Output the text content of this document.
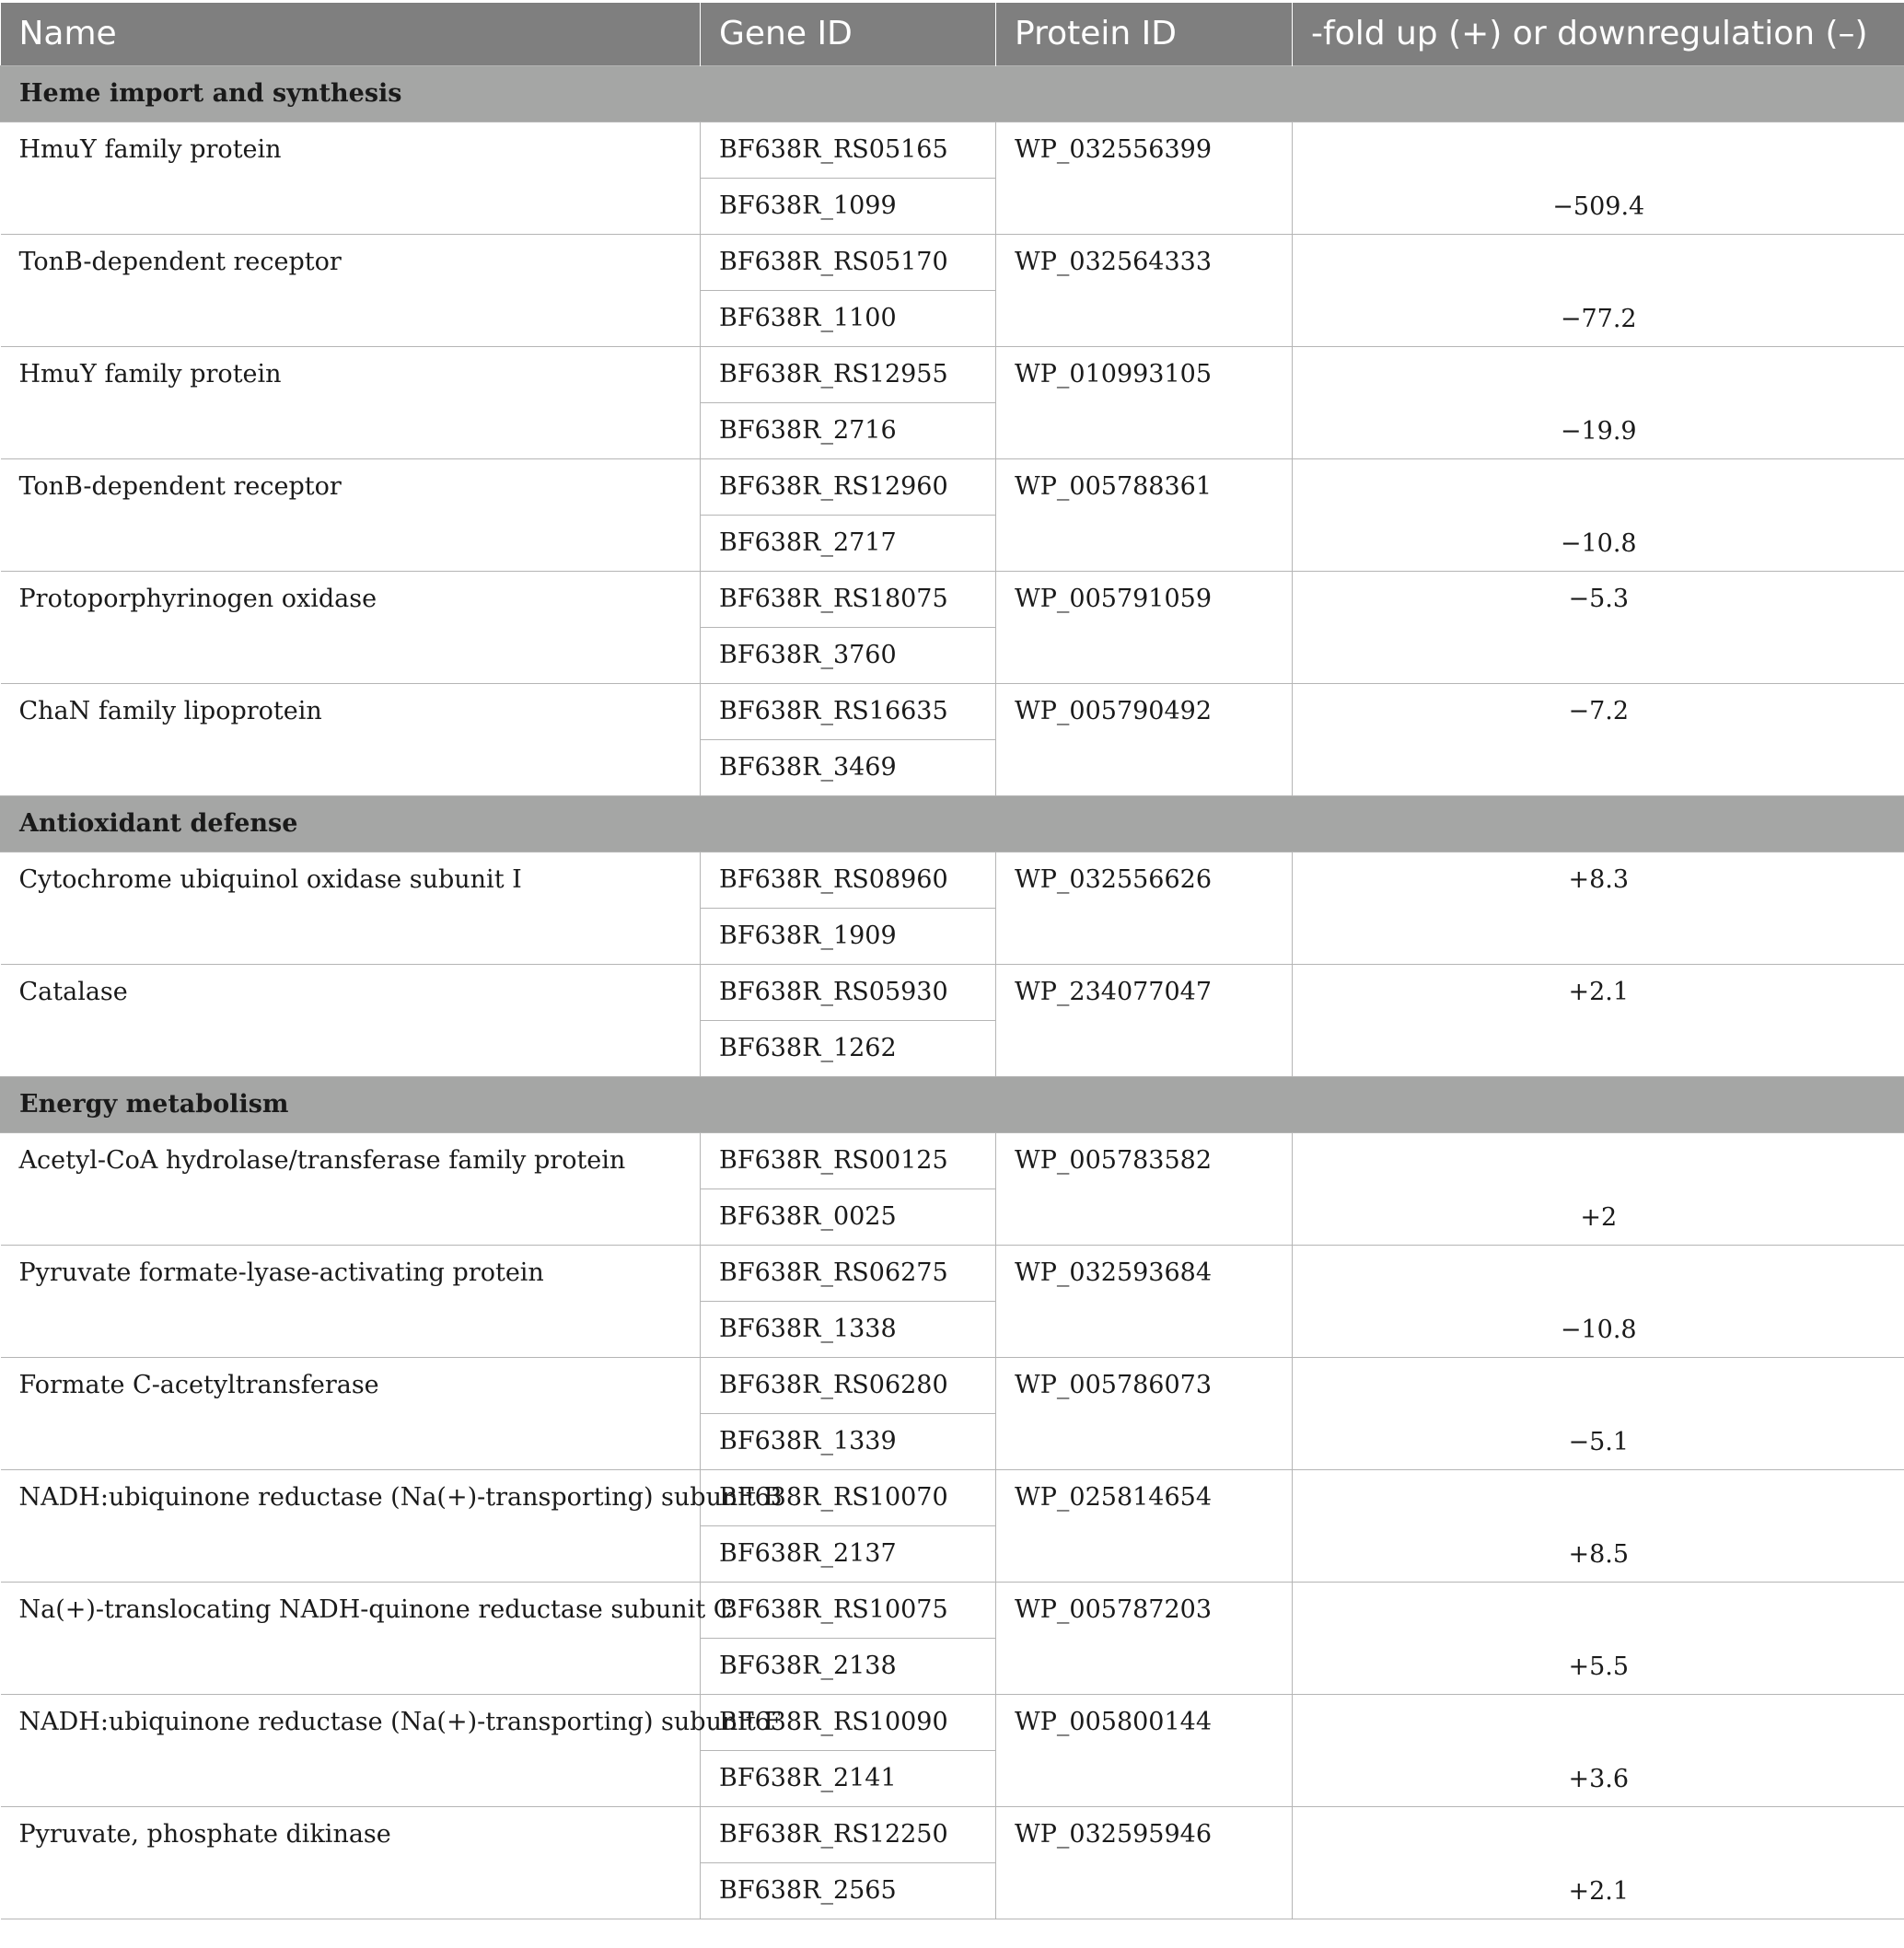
Name	Gene ID	Protein ID	-fold up (+) or downregulation (–)
Heme import and synthesis			
HmuY family protein	BF638R_RS05165	WP_032556399	−509.4
	BF638R_1099		
TonB-dependent receptor	BF638R_RS05170	WP_032564333	−77.2
	BF638R_1100		
HmuY family protein	BF638R_RS12955	WP_010993105	−19.9
	BF638R_2716		
TonB-dependent receptor	BF638R_RS12960	WP_005788361	−10.8
	BF638R_2717		
Protoporphyrinogen oxidase	BF638R_RS18075	WP_005791059	−5.3
	BF638R_3760		
ChaN family lipoprotein	BF638R_RS16635	WP_005790492	−7.2
	BF638R_3469		
Antioxidant defense			
Cytochrome ubiquinol oxidase subunit I	BF638R_RS08960	WP_032556626	+8.3
	BF638R_1909		
Catalase	BF638R_RS05930	WP_234077047	+2.1
	BF638R_1262		
Energy metabolism			
Acetyl-CoA hydrolase/transferase family protein	BF638R_RS00125	WP_005783582	+2
	BF638R_0025		
Pyruvate formate-lyase-activating protein	BF638R_RS06275	WP_032593684	−10.8
	BF638R_1338		
Formate C-acetyltransferase	BF638R_RS06280	WP_005786073	−5.1
	BF638R_1339		
NADH:ubiquinone reductase (Na(+)-transporting) subunit B	BF638R_RS10070	WP_025814654	+8.5
	BF638R_2137		
Na(+)-translocating NADH-quinone reductase subunit C	BF638R_RS10075	WP_005787203	+5.5
	BF638R_2138		
NADH:ubiquinone reductase (Na(+)-transporting) subunit F	BF638R_RS10090	WP_005800144	+3.6
	BF638R_2141		
Pyruvate, phosphate dikinase	BF638R_RS12250	WP_032595946	+2.1
	BF638R_2565		
